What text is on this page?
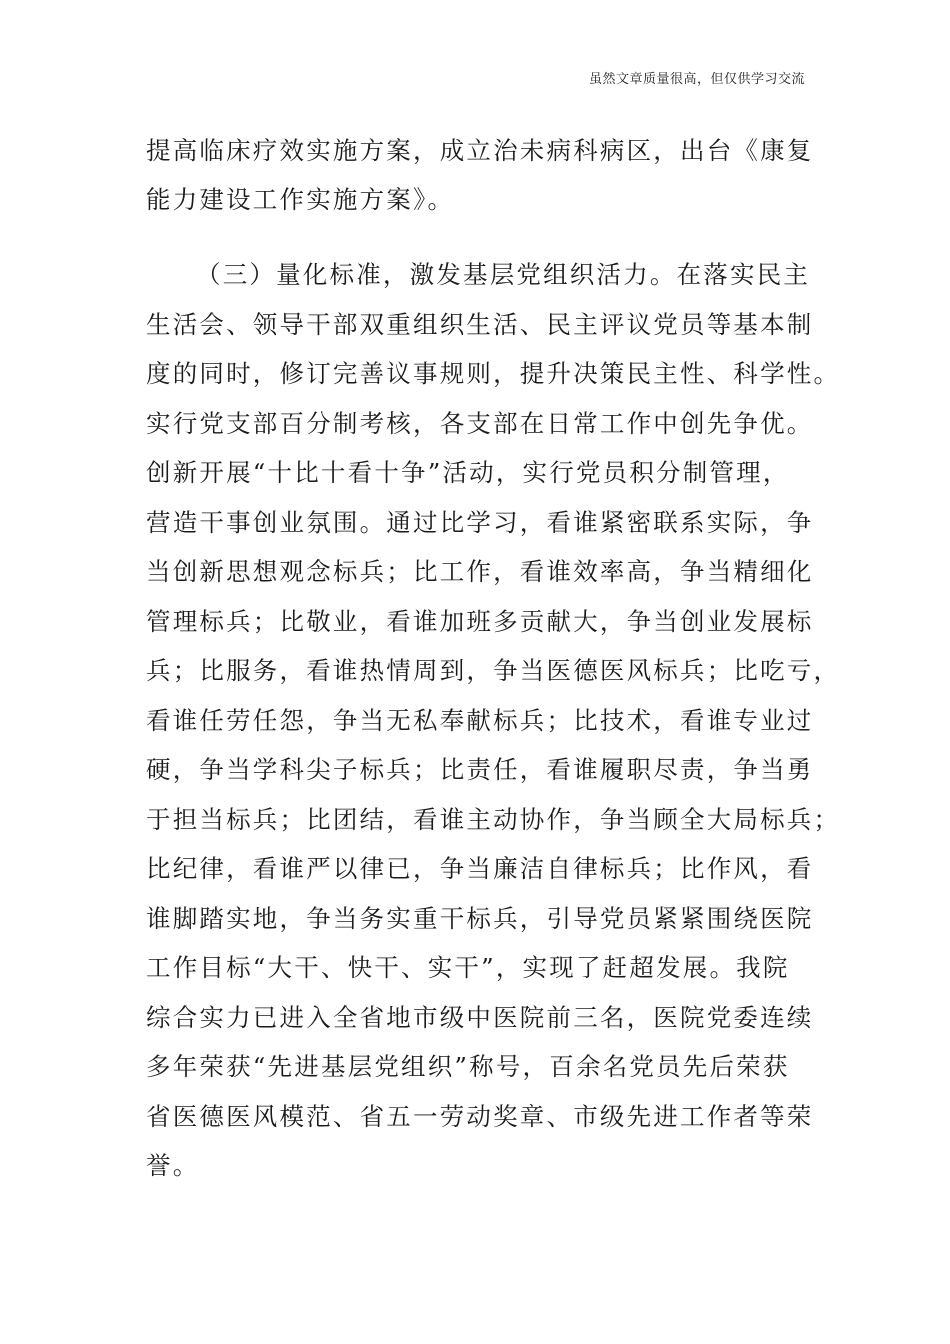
虽然文章质量很高，但仅供学习交流
提高临床疗效实施方案，成立治未病科病区，出台《康复
能力建设工作实施方案》。
（三）量化标准，激发基层党组织活力。在落实民主
生活会、领导干部双重组织生活、民主评议党员等基本制
度的同时，修订完善议事规则，提升决策民主性、科学性。
实行党支部百分制考核，各支部在日常工作中创先争优。
创新开展“十比十看十争”活动，实行党员积分制管理，
营造干事创业氛围。通过比学习，看谁紧密联系实际，争
当创新思想观念标兵；比工作，看谁效率高，争当精细化
管理标兵；比敬业，看谁加班多贡献大，争当创业发展标
兵；比服务，看谁热情周到，争当医德医风标兵；比吃亏，
看谁任劳任怨，争当无私奉献标兵；比技术，看谁专业过
硬，争当学科尖子标兵；比责任，看谁履职尽责，争当勇
于担当标兵；比团结，看谁主动协作，争当顾全大局标兵；
比纪律，看谁严以律已，争当廉洁自律标兵；比作风，看
谁脚踏实地，争当务实重干标兵，引导党员紧紧围绕医院
工作目标“大干、快干、实干”，实现了赶超发展。我院
综合实力已进入全省地市级中医院前三名，医院党委连续
多年荣获“先进基层党组织”称号，百余名党员先后荣获
省医德医风模范、省五一劳动奖章、市级先进工作者等荣
誉。
